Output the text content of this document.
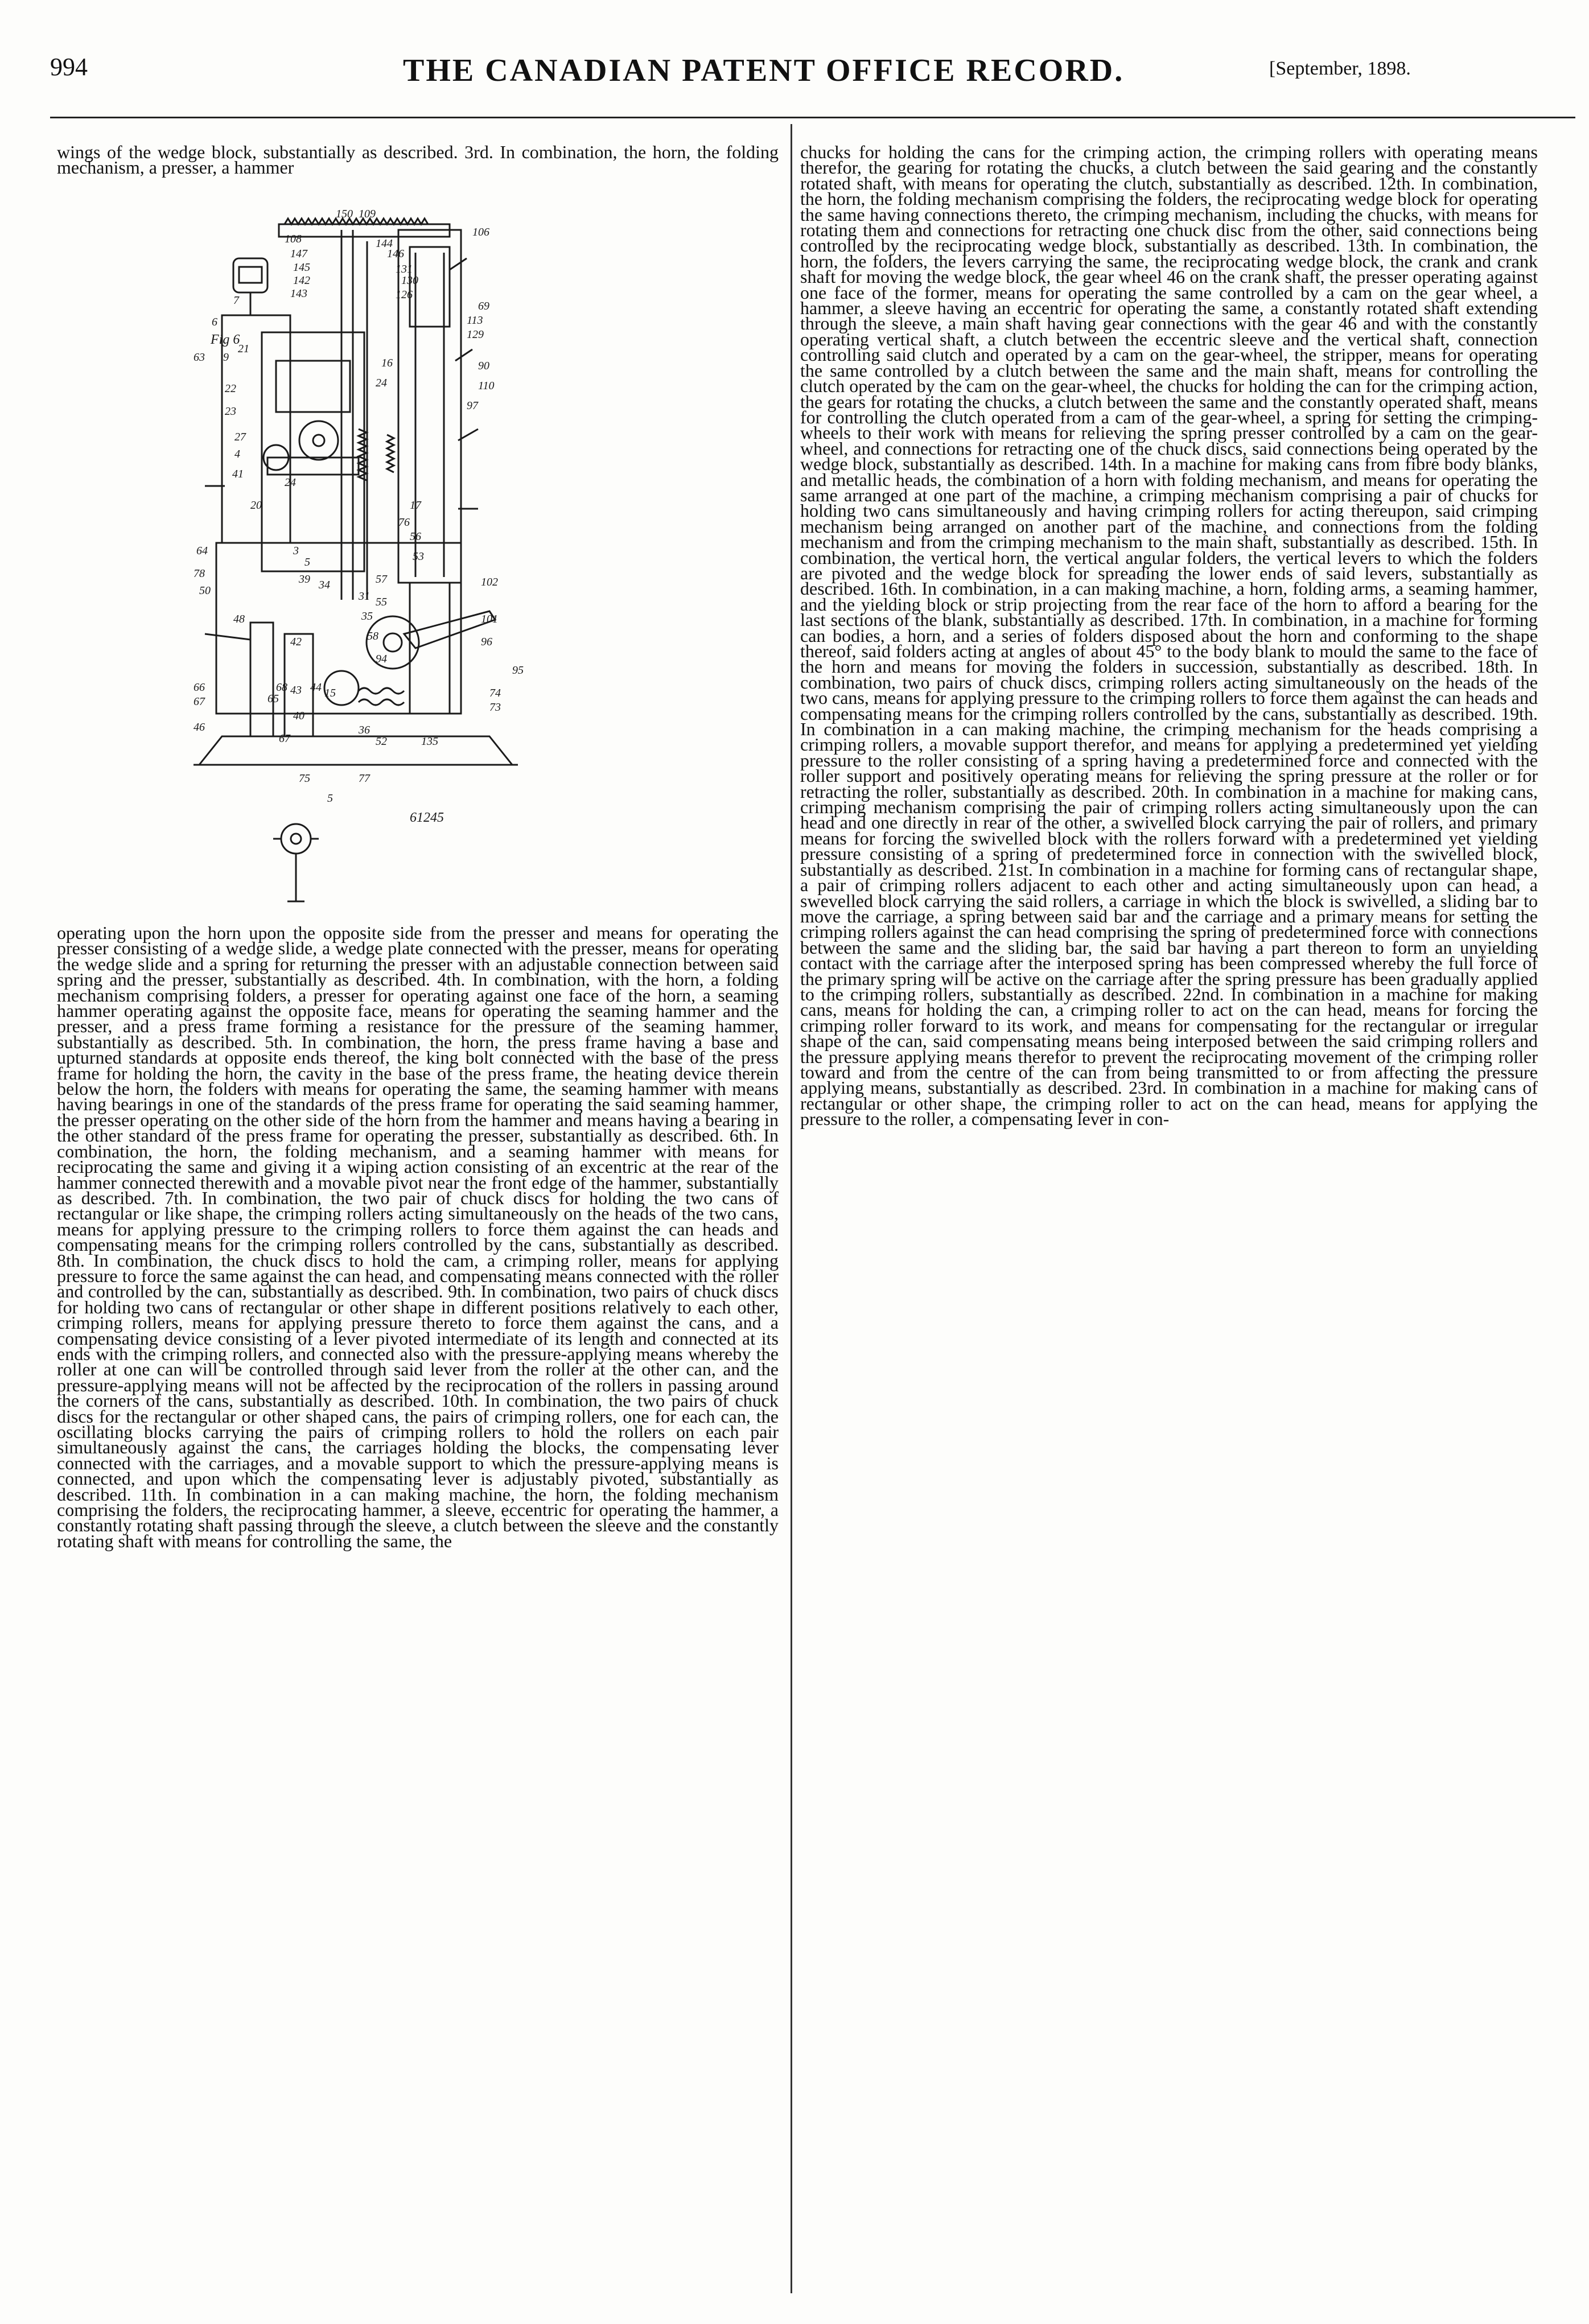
994	THE CANADIAN PATENT OFFICE RECORD.	[September, 1898.

wings of the wedge block, substantially as described. 3rd. In combination, the horn, the folding mechanism, a presser, a hammer

Fig 6
61245
150 109
108
147
145
142
143
106
144
146
131
130
126
69
113
129
7
6
63 9
21
16
24
90
110
97
22
23
27
4
41
20
24
3
5
39
17
76
56
53
57	102
64
55
78
50	34
31
35
58
48
42
94
101
96
66
67
68
65
43 44 15
95
74
73
46
40
36
52	135
75	77
5
67

operating upon the horn upon the opposite side from the presser and means for operating the presser consisting of a wedge slide, a wedge plate connected with the presser, means for operating the wedge slide and a spring for returning the presser with an adjustable connection between said spring and the presser, substantially as described. 4th. In combination, with the horn, a folding mechanism comprising folders, a presser for operating against one face of the horn, a seaming hammer operating against the opposite face, means for operating the seaming hammer and the presser, and a press frame forming a resistance for the pressure of the seaming hammer, substantially as described. 5th. In combination, the horn, the press frame having a base and upturned standards at opposite ends thereof, the king bolt connected with the base of the press frame for holding the horn, the cavity in the base of the press frame, the heating device therein below the horn, the folders with means for operating the same, the seaming hammer with means having bearings in one of the standards of the press frame for operating the said seaming hammer, the presser operating on the other side of the horn from the hammer and means having a bearing in the other standard of the press frame for operating the presser, substantially as described. 6th. In combination, the horn, the folding mechanism, and a seaming hammer with means for reciprocating the same and giving it a wiping action consisting of an excentric at the rear of the hammer connected therewith and a movable pivot near the front edge of the hammer, substantially as described. 7th. In combination, the two pair of chuck discs for holding the two cans of rectangular or like shape, the crimping rollers acting simultaneously on the heads of the two cans, means for applying pressure to the crimping rollers to force them against the can heads and compensating means for the crimping rollers controlled by the cans, substantially as described. 8th. In combination, the chuck discs to hold the cam, a crimping roller, means for applying pressure to force the same against the can head, and compensating means connected with the roller and controlled by the can, substantially as described. 9th. In combination, two pairs of chuck discs for holding two cans of rectangular or other shape in different positions relatively to each other, crimping rollers, means for applying pressure thereto to force them against the cans, and a compensating device consisting of a lever pivoted intermediate of its length and connected at its ends with the crimping rollers, and connected also with the pressure-applying means whereby the roller at one can will be controlled through said lever from the roller at the other can, and the pressure-applying means will not be affected by the reciprocation of the rollers in passing around the corners of the cans, substantially as described. 10th. In combination, the two pairs of chuck discs for the rectangular or other shaped cans, the pairs of crimping rollers, one for each can, the oscillating blocks carrying the pairs of crimping rollers to hold the rollers on each pair simultaneously against the cans, the carriages holding the blocks, the compensating lever connected with the carriages, and a movable support to which the pressure-applying means is connected, and upon which the compensating lever is adjustably pivoted, substantially as described. 11th. In combination in a can making machine, the horn, the folding mechanism comprising the folders, the reciprocating hammer, a sleeve, eccentric for operating the hammer, a constantly rotating shaft passing through the sleeve, a clutch between the sleeve and the constantly rotating shaft with means for controlling the same, the

chucks for holding the cans for the crimping action, the crimping rollers with operating means therefor, the gearing for rotating the chucks, a clutch between the said gearing and the constantly rotated shaft, with means for operating the clutch, substantially as described. 12th. In combination, the horn, the folding mechanism comprising the folders, the reciprocating wedge block for operating the same having connections thereto, the crimping mechanism, including the chucks, with means for rotating them and connections for retracting one chuck disc from the other, said connections being controlled by the reciprocating wedge block, substantially as described. 13th. In combination, the horn, the folders, the levers carrying the same, the reciprocating wedge block, the crank and crank shaft for moving the wedge block, the gear wheel 46 on the crank shaft, the presser operating against one face of the former, means for operating the same controlled by a cam on the gear wheel, a hammer, a sleeve having an eccentric for operating the same, a constantly rotated shaft extending through the sleeve, a main shaft having gear connections with the gear 46 and with the constantly operating vertical shaft, a clutch between the eccentric sleeve and the vertical shaft, connection controlling said clutch and operated by a cam on the gear-wheel, the stripper, means for operating the same controlled by a clutch between the same and the main shaft, means for controlling the clutch operated by the cam on the gear-wheel, the chucks for holding the can for the crimping action, the gears for rotating the chucks, a clutch between the same and the constantly operated shaft, means for controlling the clutch operated from a cam of the gear-wheel, a spring for setting the crimping-wheels to their work with means for relieving the spring presser controlled by a cam on the gear-wheel, and connections for retracting one of the chuck discs, said connections being operated by the wedge block, substantially as described. 14th. In a machine for making cans from fibre body blanks, and metallic heads, the combination of a horn with folding mechanism, and means for operating the same arranged at one part of the machine, a crimping mechanism comprising a pair of chucks for holding two cans simultaneously and having crimping rollers for acting thereupon, said crimping mechanism being arranged on another part of the machine, and connections from the folding mechanism and from the crimping mechanism to the main shaft, substantially as described. 15th. In combination, the vertical horn, the vertical angular folders, the vertical levers to which the folders are pivoted and the wedge block for spreading the lower ends of said levers, substantially as described. 16th. In combination, in a can making machine, a horn, folding arms, a seaming hammer, and the yielding block or strip projecting from the rear face of the horn to afford a bearing for the last sections of the blank, substantially as described. 17th. In combination, in a machine for forming can bodies, a horn, and a series of folders disposed about the horn and conforming to the shape thereof, said folders acting at angles of about 45° to the body blank to mould the same to the face of the horn and means for moving the folders in succession, substantially as described. 18th. In combination, two pairs of chuck discs, crimping rollers acting simultaneously on the heads of the two cans, means for applying pressure to the crimping rollers to force them against the can heads and compensating means for the crimping rollers controlled by the cans, substantially as described. 19th. In combination in a can making machine, the crimping mechanism for the heads comprising a crimping rollers, a movable support therefor, and means for applying a predetermined yet yielding pressure to the roller consisting of a spring having a predetermined force and connected with the roller support and positively operating means for relieving the spring pressure at the roller or for retracting the roller, substantially as described. 20th. In combination in a machine for making cans, crimping mechanism comprising the pair of crimping rollers acting simultaneously upon the can head and one directly in rear of the other, a swivelled block carrying the pair of rollers, and primary means for forcing the swivelled block with the rollers forward with a predetermined yet yielding pressure consisting of a spring of predetermined force in connection with the swivelled block, substantially as described. 21st. In combination in a machine for forming cans of rectangular shape, a pair of crimping rollers adjacent to each other and acting simultaneously upon can head, a swevelled block carrying the said rollers, a carriage in which the block is swivelled, a sliding bar to move the carriage, a spring between said bar and the carriage and a primary means for setting the crimping rollers against the can head comprising the spring of predetermined force with connections between the same and the sliding bar, the said bar having a part thereon to form an unyielding contact with the carriage after the interposed spring has been compressed whereby the full force of the primary spring will be active on the carriage after the spring pressure has been gradually applied to the crimping rollers, substantially as described. 22nd. In combination in a machine for making cans, means for holding the can, a crimping roller to act on the can head, means for forcing the crimping roller forward to its work, and means for compensating for the rectangular or irregular shape of the can, said compensating means being interposed between the said crimping rollers and the pressure applying means therefor to prevent the reciprocating movement of the crimping roller toward and from the centre of the can from being transmitted to or from affecting the pressure applying means, substantially as described. 23rd. In combination in a machine for making cans of rectangular or other shape, the crimping roller to act on the can head, means for applying the pressure to the roller, a compensating lever in con-
